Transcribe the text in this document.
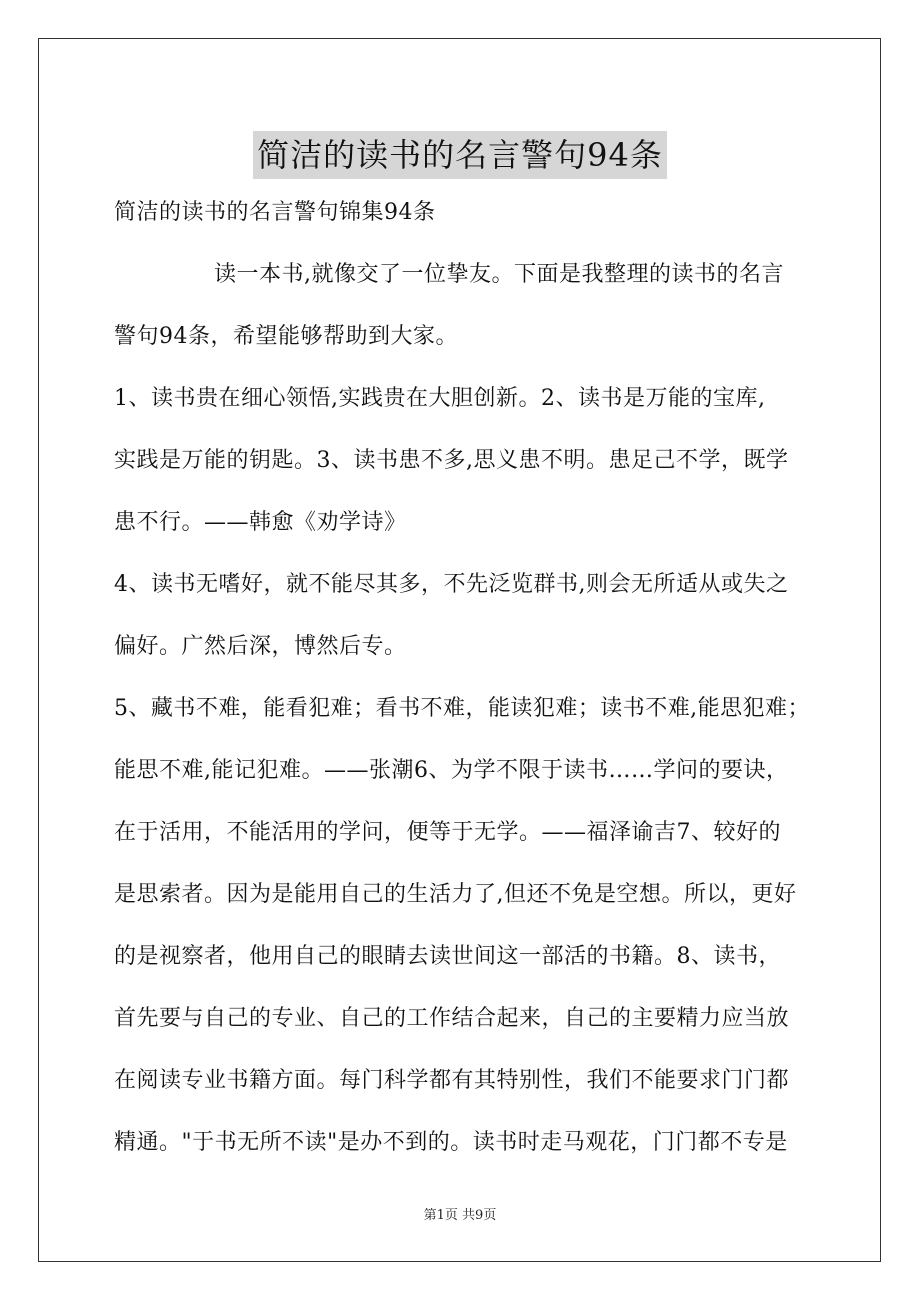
简洁的读书的名言警句94条
简洁的读书的名言警句锦集94条
读一本书,就像交了一位挚友。下面是我整理的读书的名言
警句94条，希望能够帮助到大家。
1、读书贵在细心领悟,实践贵在大胆创新。2、读书是万能的宝库,
实践是万能的钥匙。3、读书患不多,思义患不明。患足己不学，既学
患不行。——韩愈《劝学诗》
4、读书无嗜好，就不能尽其多，不先泛览群书,则会无所适从或失之
偏好。广然后深，博然后专。
5、藏书不难，能看犯难；看书不难，能读犯难；读书不难,能思犯难；
能思不难,能记犯难。——张潮6、为学不限于读书……学问的要诀，
在于活用，不能活用的学问，便等于无学。——福泽谕吉7、较好的
是思索者。因为是能用自己的生活力了,但还不免是空想。所以，更好
的是视察者，他用自己的眼睛去读世间这一部活的书籍。8、读书，
首先要与自己的专业、自己的工作结合起来，自己的主要精力应当放
在阅读专业书籍方面。每门科学都有其特别性，我们不能要求门门都
精通。"于书无所不读"是办不到的。读书时走马观花，门门都不专是
第1页 共9页
